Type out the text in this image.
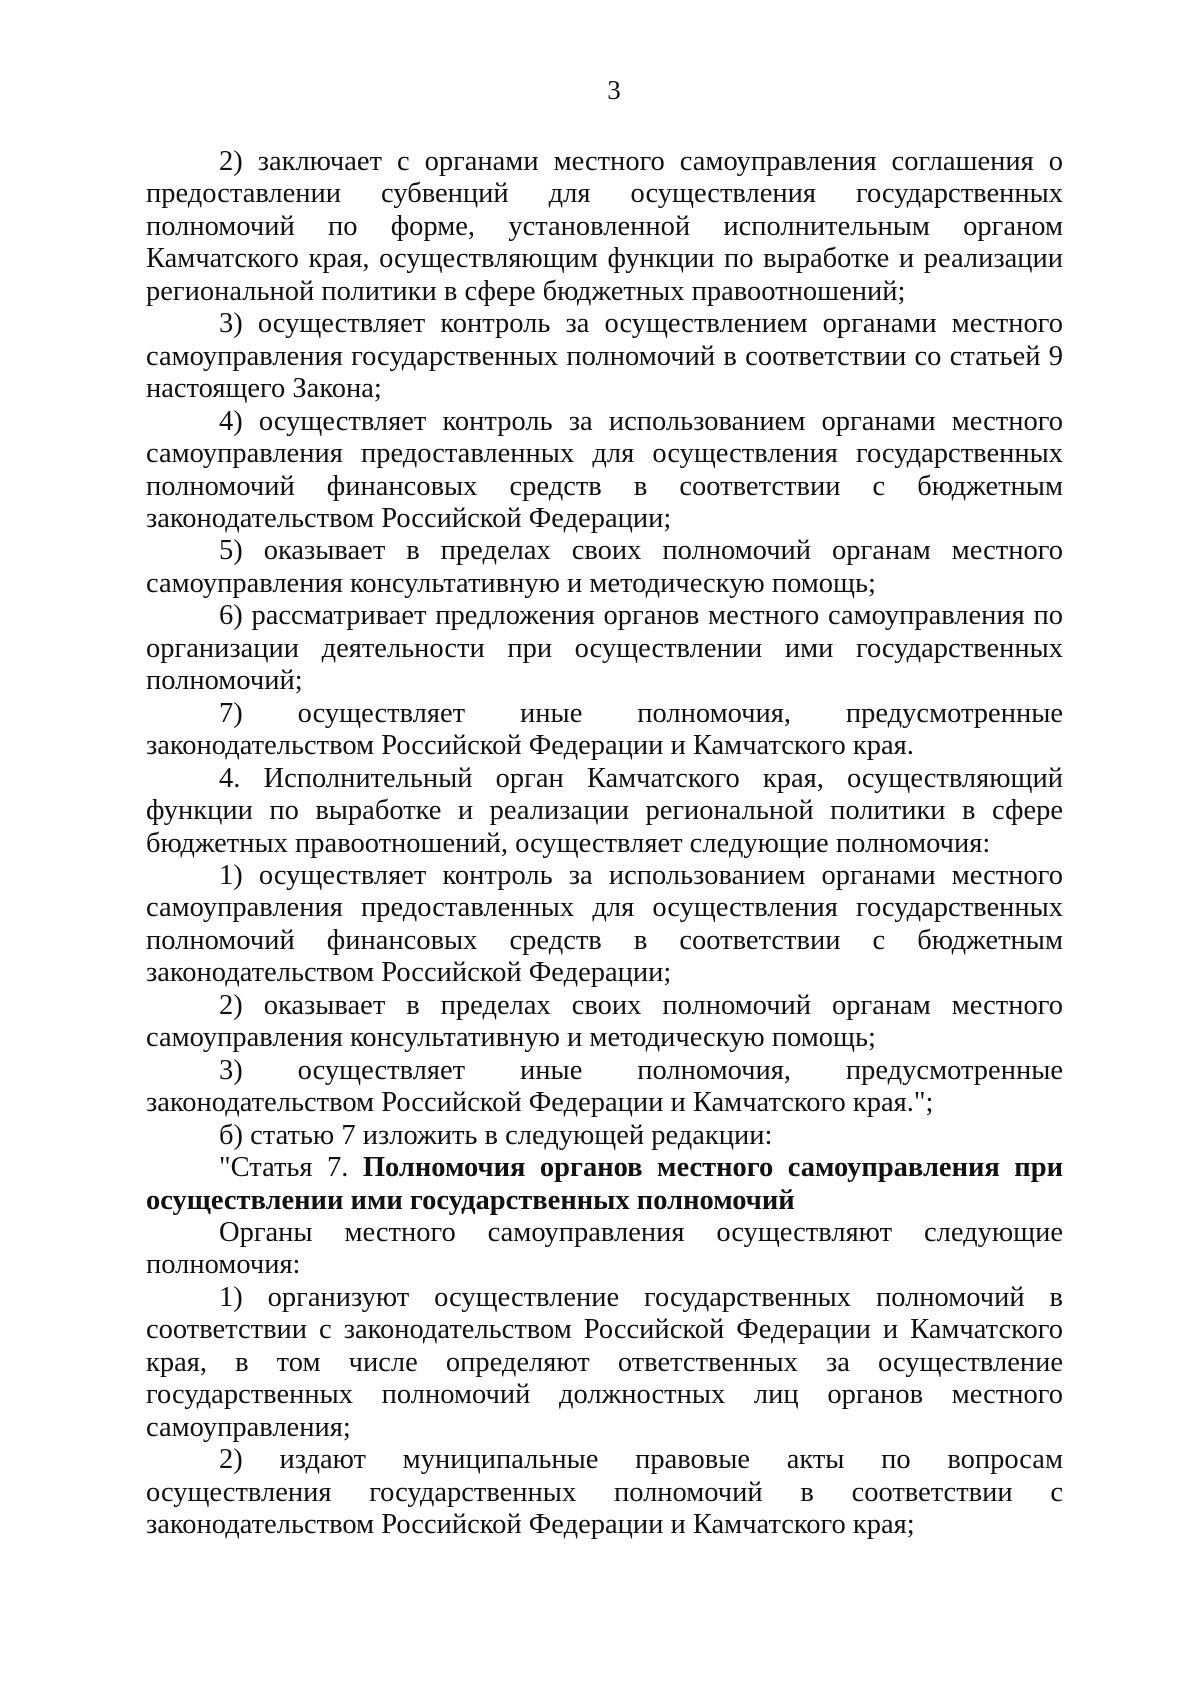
3

2) заключает с органами местного самоуправления соглашения о предоставлении субвенций для осуществления государственных полномочий по форме, установленной исполнительным органом Камчатского края, осуществляющим функции по выработке и реализации региональной политики в сфере бюджетных правоотношений;

3) осуществляет контроль за осуществлением органами местного самоуправления государственных полномочий в соответствии со статьей 9 настоящего Закона;

4) осуществляет контроль за использованием органами местного самоуправления предоставленных для осуществления государственных полномочий финансовых средств в соответствии с бюджетным законодательством Российской Федерации;

5) оказывает в пределах своих полномочий органам местного самоуправления консультативную и методическую помощь;

6) рассматривает предложения органов местного самоуправления по организации деятельности при осуществлении ими государственных полномочий;

7) осуществляет иные полномочия, предусмотренные законодательством Российской Федерации и Камчатского края.

4. Исполнительный орган Камчатского края, осуществляющий функции по выработке и реализации региональной политики в сфере бюджетных правоотношений, осуществляет следующие полномочия:

1) осуществляет контроль за использованием органами местного самоуправления предоставленных для осуществления государственных полномочий финансовых средств в соответствии с бюджетным законодательством Российской Федерации;

2) оказывает в пределах своих полномочий органам местного самоуправления консультативную и методическую помощь;

3) осуществляет иные полномочия, предусмотренные законодательством Российской Федерации и Камчатского края.";

б) статью 7 изложить в следующей редакции:

"Статья 7. Полномочия органов местного самоуправления при осуществлении ими государственных полномочий

Органы местного самоуправления осуществляют следующие полномочия:

1) организуют осуществление государственных полномочий в соответствии с законодательством Российской Федерации и Камчатского края, в том числе определяют ответственных за осуществление государственных полномочий должностных лиц органов местного самоуправления;

2) издают муниципальные правовые акты по вопросам осуществления государственных полномочий в соответствии с законодательством Российской Федерации и Камчатского края;
